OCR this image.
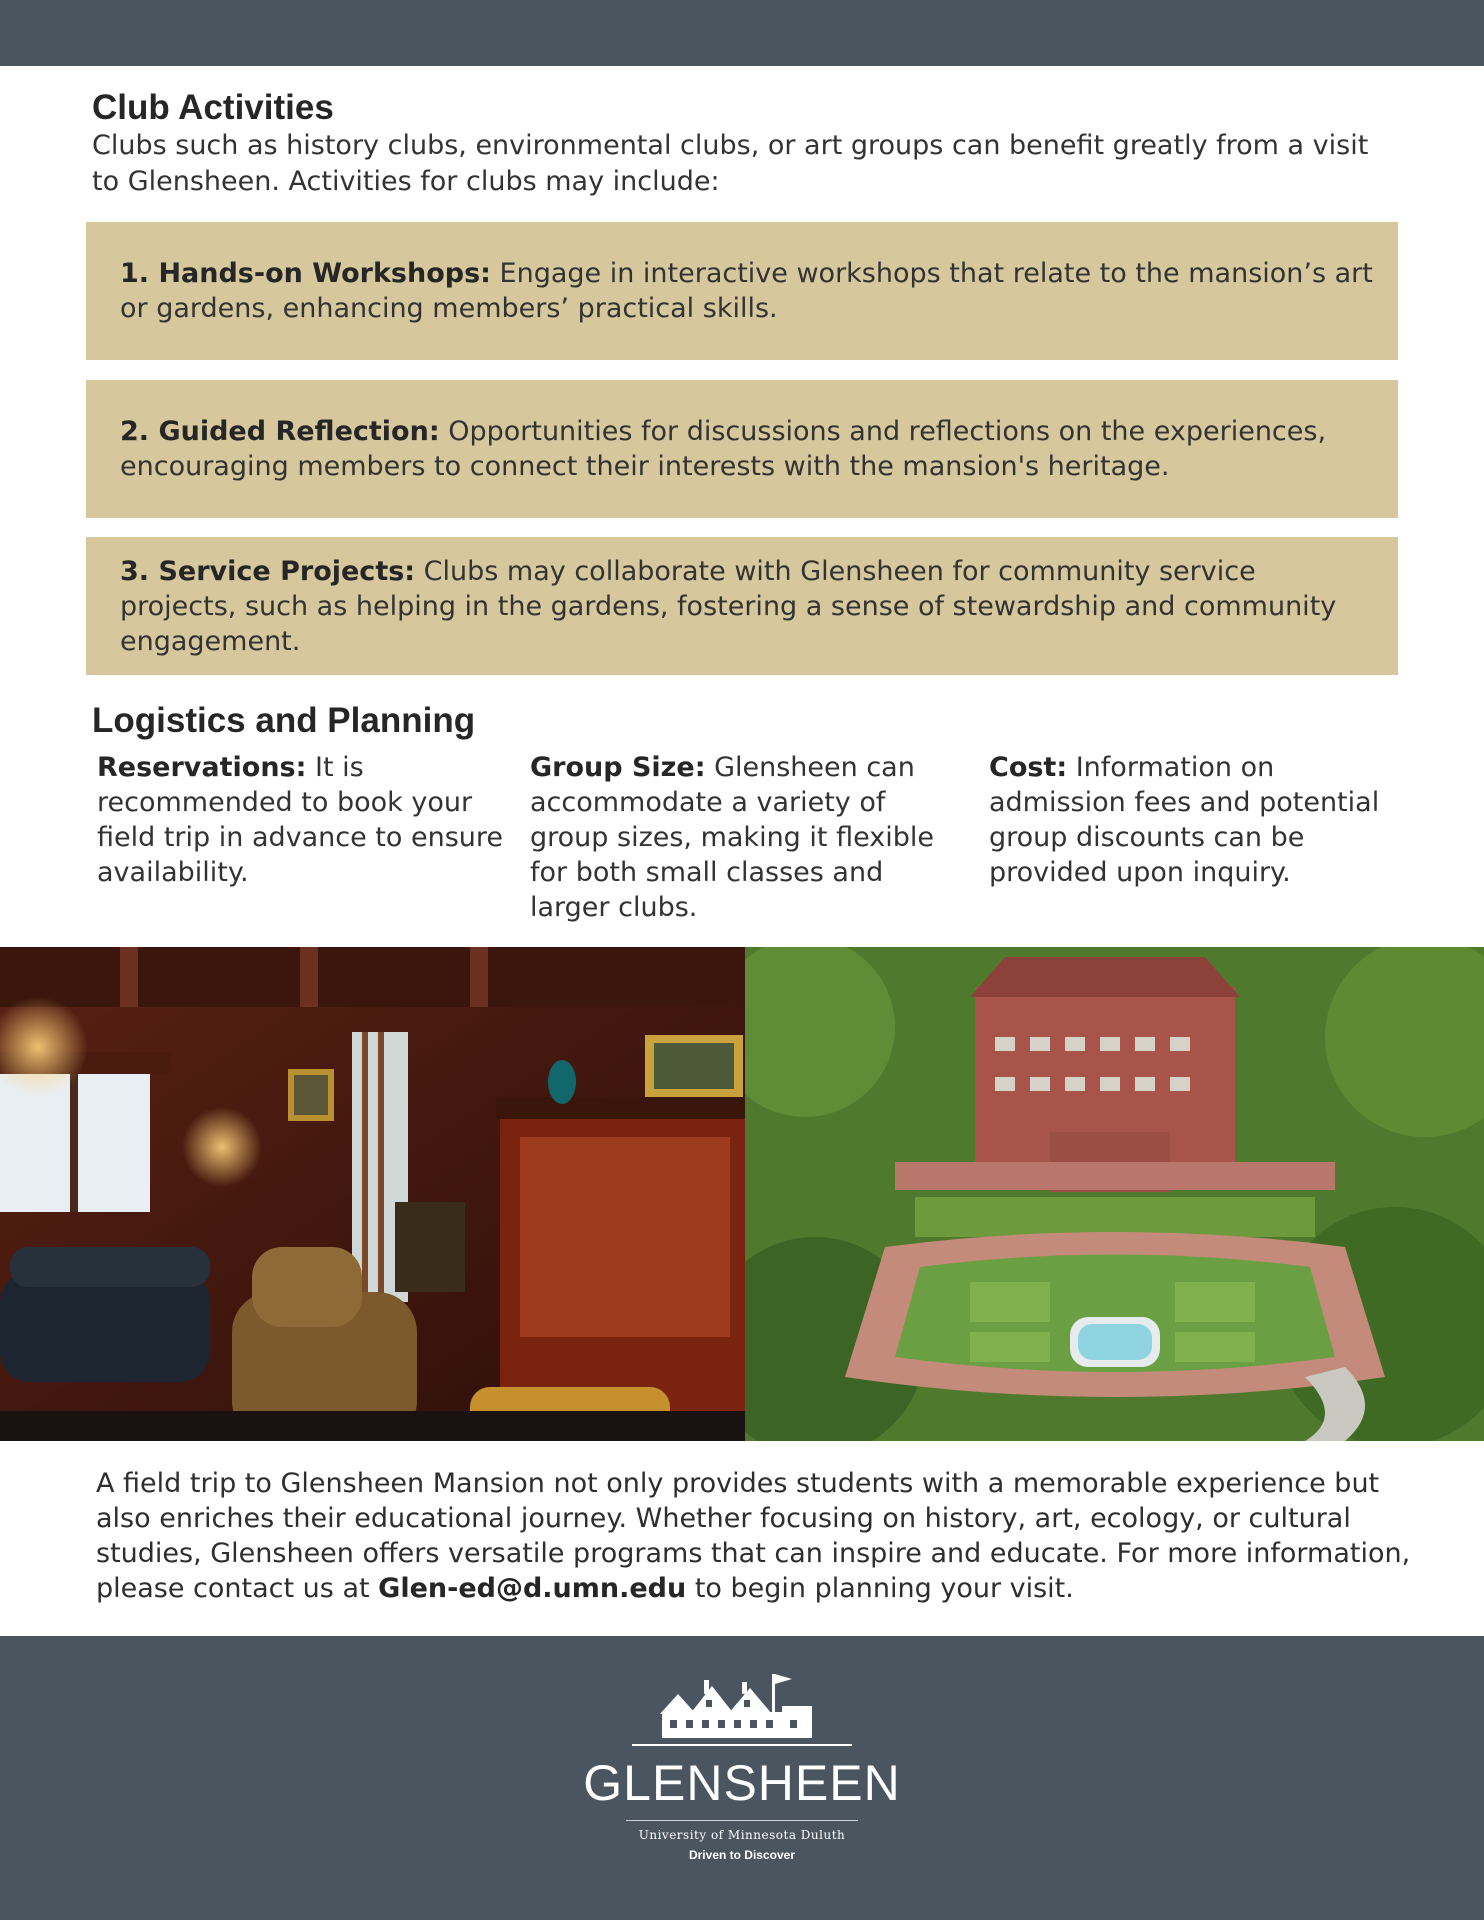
Club Activities

Clubs such as history clubs, environmental clubs, or art groups can benefit greatly from a visit to Glensheen. Activities for clubs may include:

1. Hands-on Workshops: Engage in interactive workshops that relate to the mansion’s art or gardens, enhancing members’ practical skills.

2. Guided Reflection: Opportunities for discussions and reflections on the experiences, encouraging members to connect their interests with the mansion's heritage.

3. Service Projects: Clubs may collaborate with Glensheen for community service projects, such as helping in the gardens, fostering a sense of stewardship and community engagement.

Logistics and Planning

Reservations: It is recommended to book your field trip in advance to ensure availability.

Group Size: Glensheen can accommodate a variety of group sizes, making it flexible for both small classes and larger clubs.

Cost: Information on admission fees and potential group discounts can be provided upon inquiry.

A field trip to Glensheen Mansion not only provides students with a memorable experience but also enriches their educational journey. Whether focusing on history, art, ecology, or cultural studies, Glensheen offers versatile programs that can inspire and educate. For more information, please contact us at Glen-ed@d.umn.edu to begin planning your visit.

GLENSHEEN
University of Minnesota Duluth
Driven to Discover
